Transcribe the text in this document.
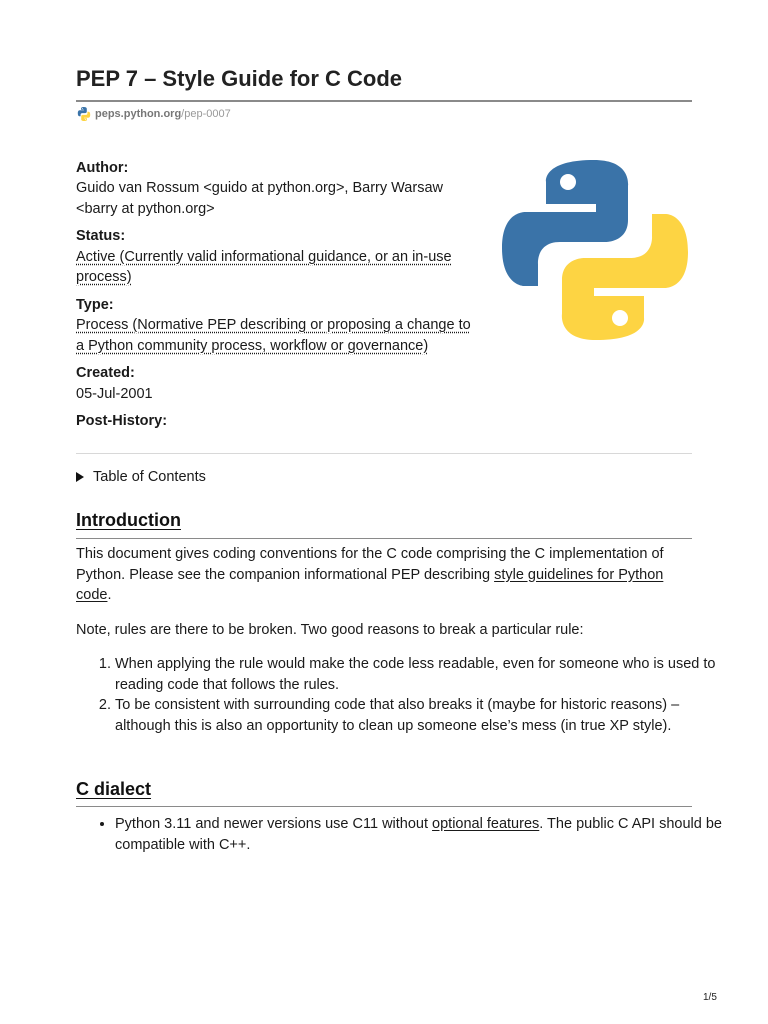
PEP 7 – Style Guide for C Code
peps.python.org /pep-0007
Author:
Guido van Rossum <guido at python.org>, Barry Warsaw <barry at python.org>
Status:
Active (Currently valid informational guidance, or an in-use process)
Type:
Process (Normative PEP describing or proposing a change to a Python community process, workflow or governance)
Created:
05-Jul-2001
Post-History:
Table of Contents
Introduction

This document gives coding conventions for the C code comprising the C implementation of Python. Please see the companion informational PEP describing style guidelines for Python code.

Note, rules are there to be broken. Two good reasons to break a particular rule:

1. When applying the rule would make the code less readable, even for someone who is used to reading code that follows the rules.
2. To be consistent with surrounding code that also breaks it (maybe for historic reasons) – although this is also an opportunity to clean up someone else’s mess (in true XP style).
C dialect
• Python 3.11 and newer versions use C11 without optional features. The public C API should be compatible with C++.
1/5
